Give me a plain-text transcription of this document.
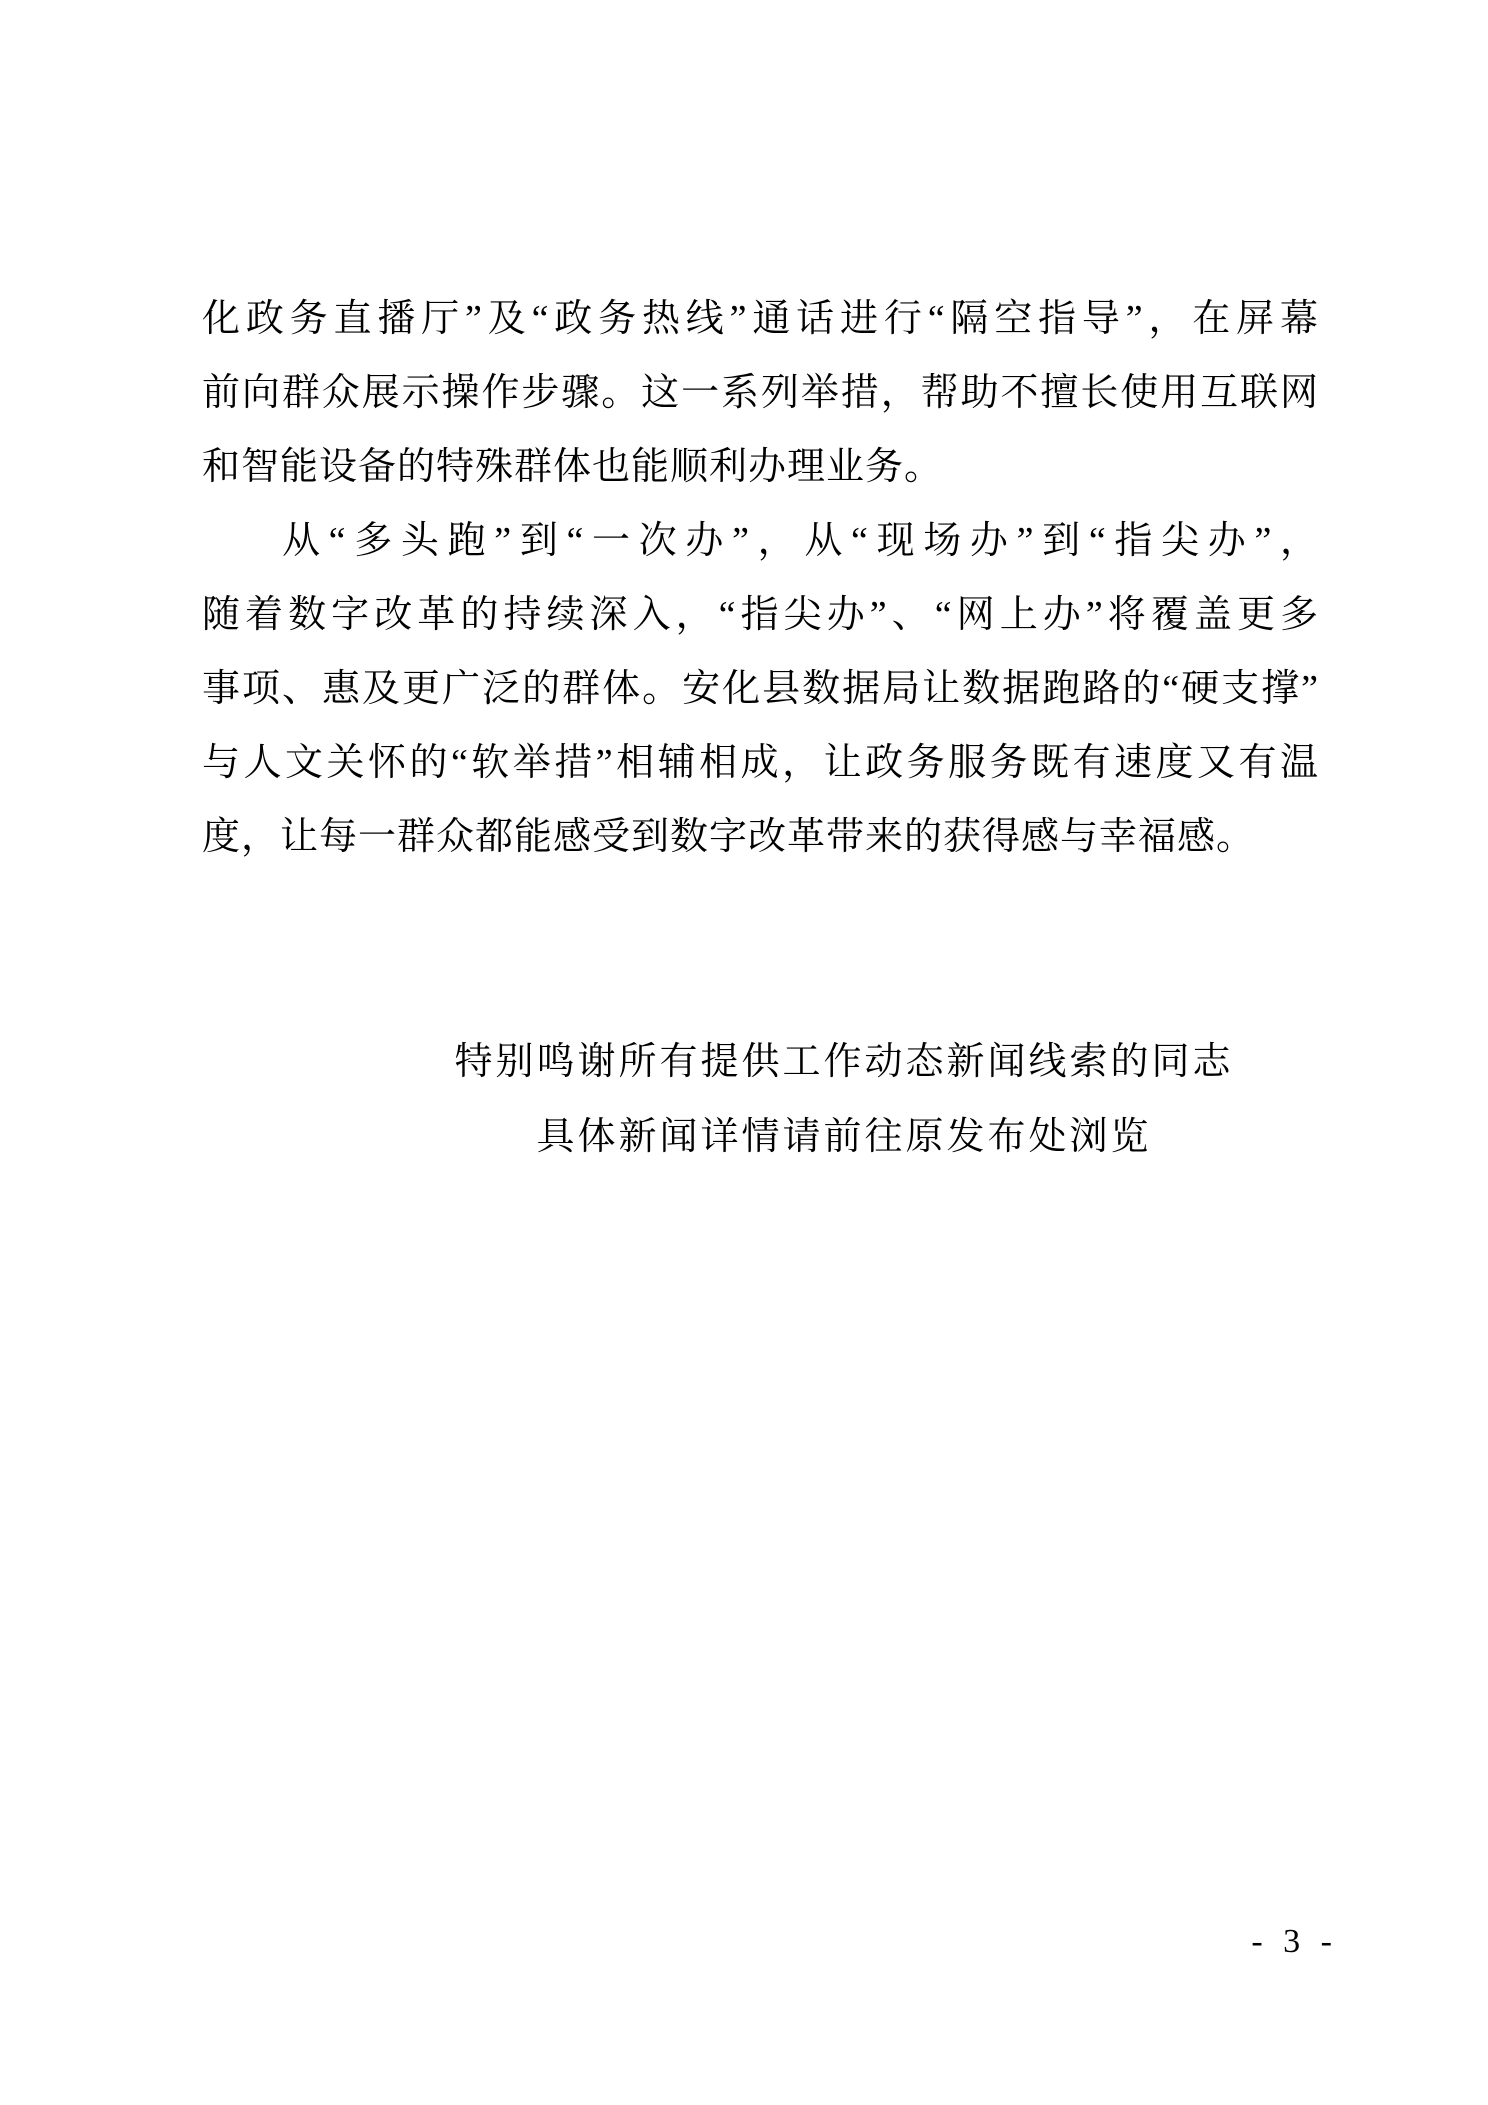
化政务直播厅”及“政务热线”通话进行“隔空指导”，在屏幕
前向群众展示操作步骤。这一系列举措，帮助不擅长使用互联网
和智能设备的特殊群体也能顺利办理业务。
从“多头跑”到“一次办”，从“现场办”到“指尖办”，
随着数字改革的持续深入，“指尖办”、“网上办”将覆盖更多
事项、惠及更广泛的群体。安化县数据局让数据跑路的“硬支撑”
与人文关怀的“软举措”相辅相成，让政务服务既有速度又有温
度，让每一群众都能感受到数字改革带来的获得感与幸福感。
特别鸣谢所有提供工作动态新闻线索的同志
具体新闻详情请前往原发布处浏览
- 3 -
